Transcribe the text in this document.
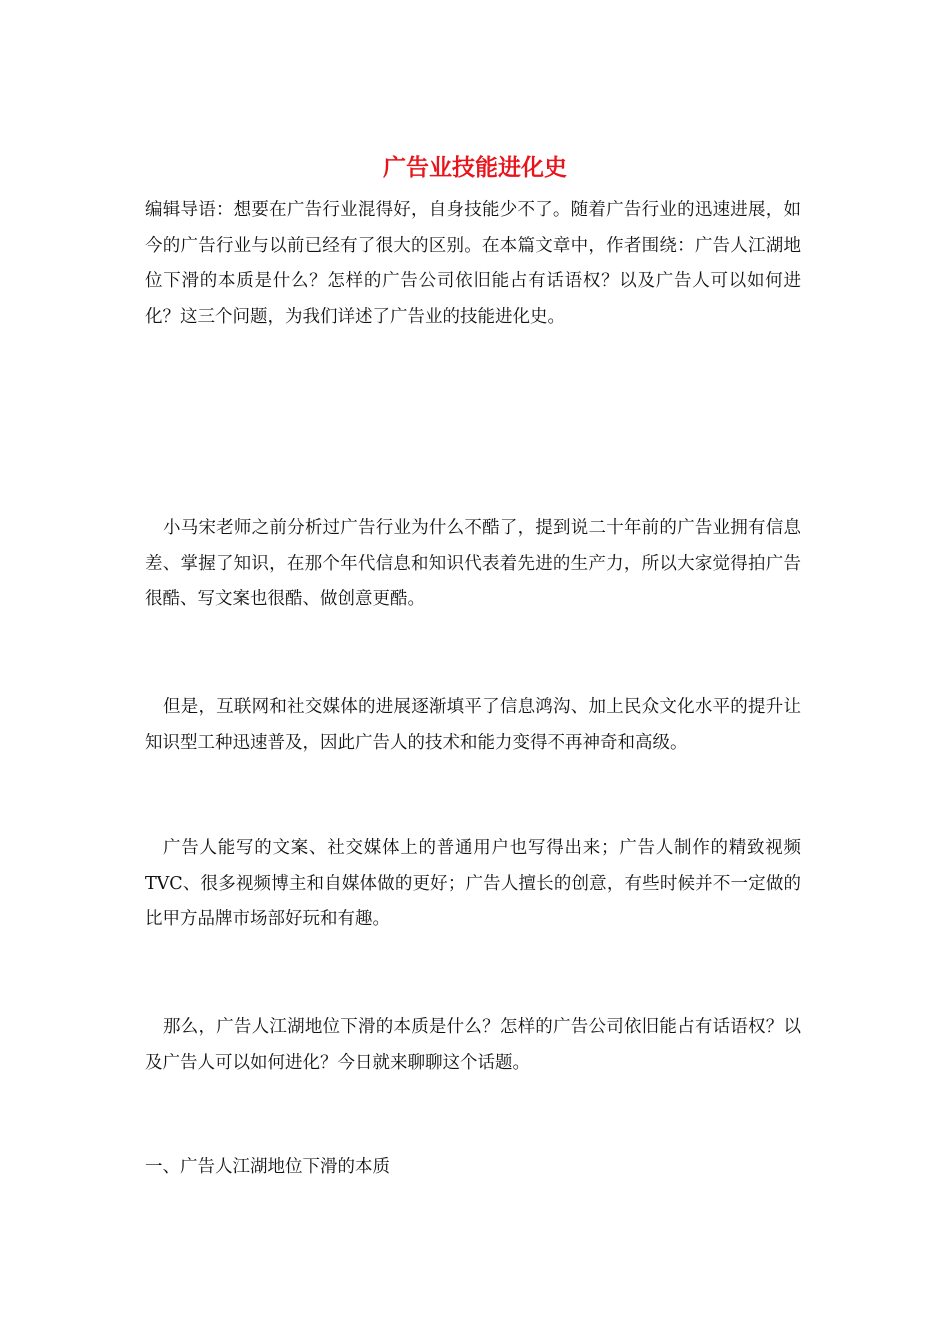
广告业技能进化史

编辑导语：想要在广告行业混得好，自身技能少不了。随着广告行业的迅速进展，如今的广告行业与以前已经有了很大的区别。在本篇文章中，作者围绕：广告人江湖地位下滑的本质是什么？怎样的广告公司依旧能占有话语权？以及广告人可以如何进化？这三个问题，为我们详述了广告业的技能进化史。

小马宋老师之前分析过广告行业为什么不酷了，提到说二十年前的广告业拥有信息差、掌握了知识，在那个年代信息和知识代表着先进的生产力，所以大家觉得拍广告很酷、写文案也很酷、做创意更酷。

但是，互联网和社交媒体的进展逐渐填平了信息鸿沟、加上民众文化水平的提升让知识型工种迅速普及，因此广告人的技术和能力变得不再神奇和高级。

广告人能写的文案、社交媒体上的普通用户也写得出来；广告人制作的精致视频TVC、很多视频博主和自媒体做的更好；广告人擅长的创意，有些时候并不一定做的比甲方品牌市场部好玩和有趣。

那么，广告人江湖地位下滑的本质是什么？怎样的广告公司依旧能占有话语权？以及广告人可以如何进化？今日就来聊聊这个话题。

一、广告人江湖地位下滑的本质
